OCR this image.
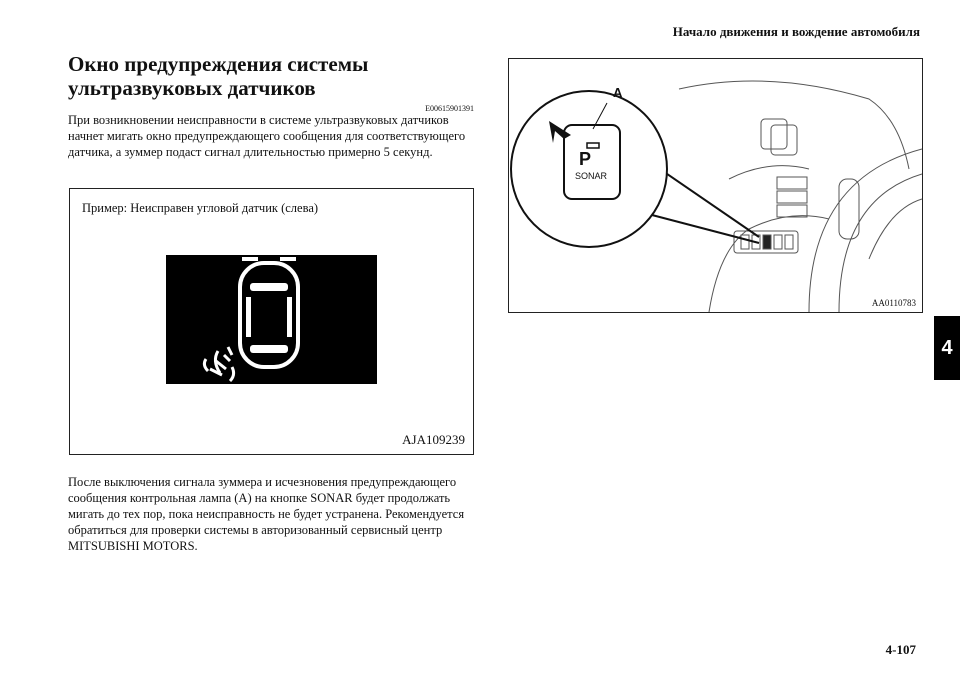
Начало движения и вождение автомобиля
Окно предупреждения системы ультразвуковых датчиков
E00615901391

При возникновении неисправности в системе ультразвуковых датчиков начнет мигать окно предупреждающего сообщения для соответствующего датчика, а зуммер подаст сигнал длительностью примерно 5 секунд.

Пример: Неисправен угловой датчик (слева)
AJA109239

После выключения сигнала зуммера и исчезновения предупреждающего сообщения контрольная лампа (А) на кнопке SONAR будет продолжать мигать до тех пор, пока неисправность не будет устранена. Рекомендуется обратиться для проверки системы в авторизованный сервисный центр MITSUBISHI MOTORS.

A
P
SONAR
AA0110783
4
4-107
